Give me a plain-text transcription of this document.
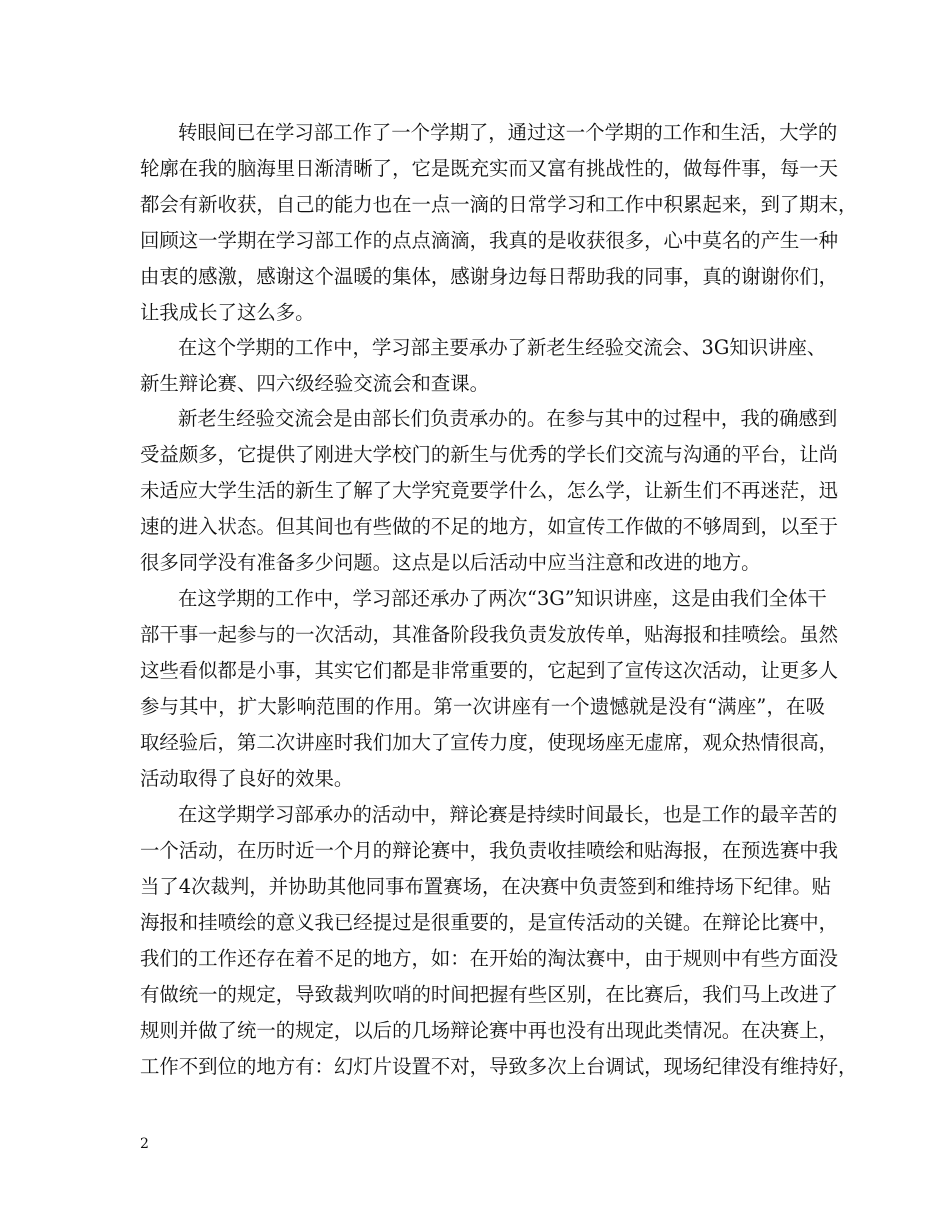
转眼间已在学习部工作了一个学期了，通过这一个学期的工作和生活，大学的
轮廓在我的脑海里日渐清晰了，它是既充实而又富有挑战性的，做每件事，每一天
都会有新收获，自己的能力也在一点一滴的日常学习和工作中积累起来，到了期末，
回顾这一学期在学习部工作的点点滴滴，我真的是收获很多，心中莫名的产生一种
由衷的感激，感谢这个温暖的集体，感谢身边每日帮助我的同事，真的谢谢你们，
让我成长了这么多。
在这个学期的工作中，学习部主要承办了新老生经验交流会、3G知识讲座、
新生辩论赛、四六级经验交流会和查课。
新老生经验交流会是由部长们负责承办的。在参与其中的过程中，我的确感到
受益颇多，它提供了刚进大学校门的新生与优秀的学长们交流与沟通的平台，让尚
未适应大学生活的新生了解了大学究竟要学什么，怎么学，让新生们不再迷茫，迅
速的进入状态。但其间也有些做的不足的地方，如宣传工作做的不够周到，以至于
很多同学没有准备多少问题。这点是以后活动中应当注意和改进的地方。
在这学期的工作中，学习部还承办了两次“3G”知识讲座，这是由我们全体干
部干事一起参与的一次活动，其准备阶段我负责发放传单，贴海报和挂喷绘。虽然
这些看似都是小事，其实它们都是非常重要的，它起到了宣传这次活动，让更多人
参与其中，扩大影响范围的作用。第一次讲座有一个遗憾就是没有“满座”，在吸
取经验后，第二次讲座时我们加大了宣传力度，使现场座无虚席，观众热情很高，
活动取得了良好的效果。
在这学期学习部承办的活动中，辩论赛是持续时间最长，也是工作的最辛苦的
一个活动，在历时近一个月的辩论赛中，我负责收挂喷绘和贴海报，在预选赛中我
当了4次裁判，并协助其他同事布置赛场，在决赛中负责签到和维持场下纪律。贴
海报和挂喷绘的意义我已经提过是很重要的，是宣传活动的关键。在辩论比赛中，
我们的工作还存在着不足的地方，如：在开始的淘汰赛中，由于规则中有些方面没
有做统一的规定，导致裁判吹哨的时间把握有些区别，在比赛后，我们马上改进了
规则并做了统一的规定，以后的几场辩论赛中再也没有出现此类情况。在决赛上，
工作不到位的地方有：幻灯片设置不对，导致多次上台调试，现场纪律没有维持好，
2
